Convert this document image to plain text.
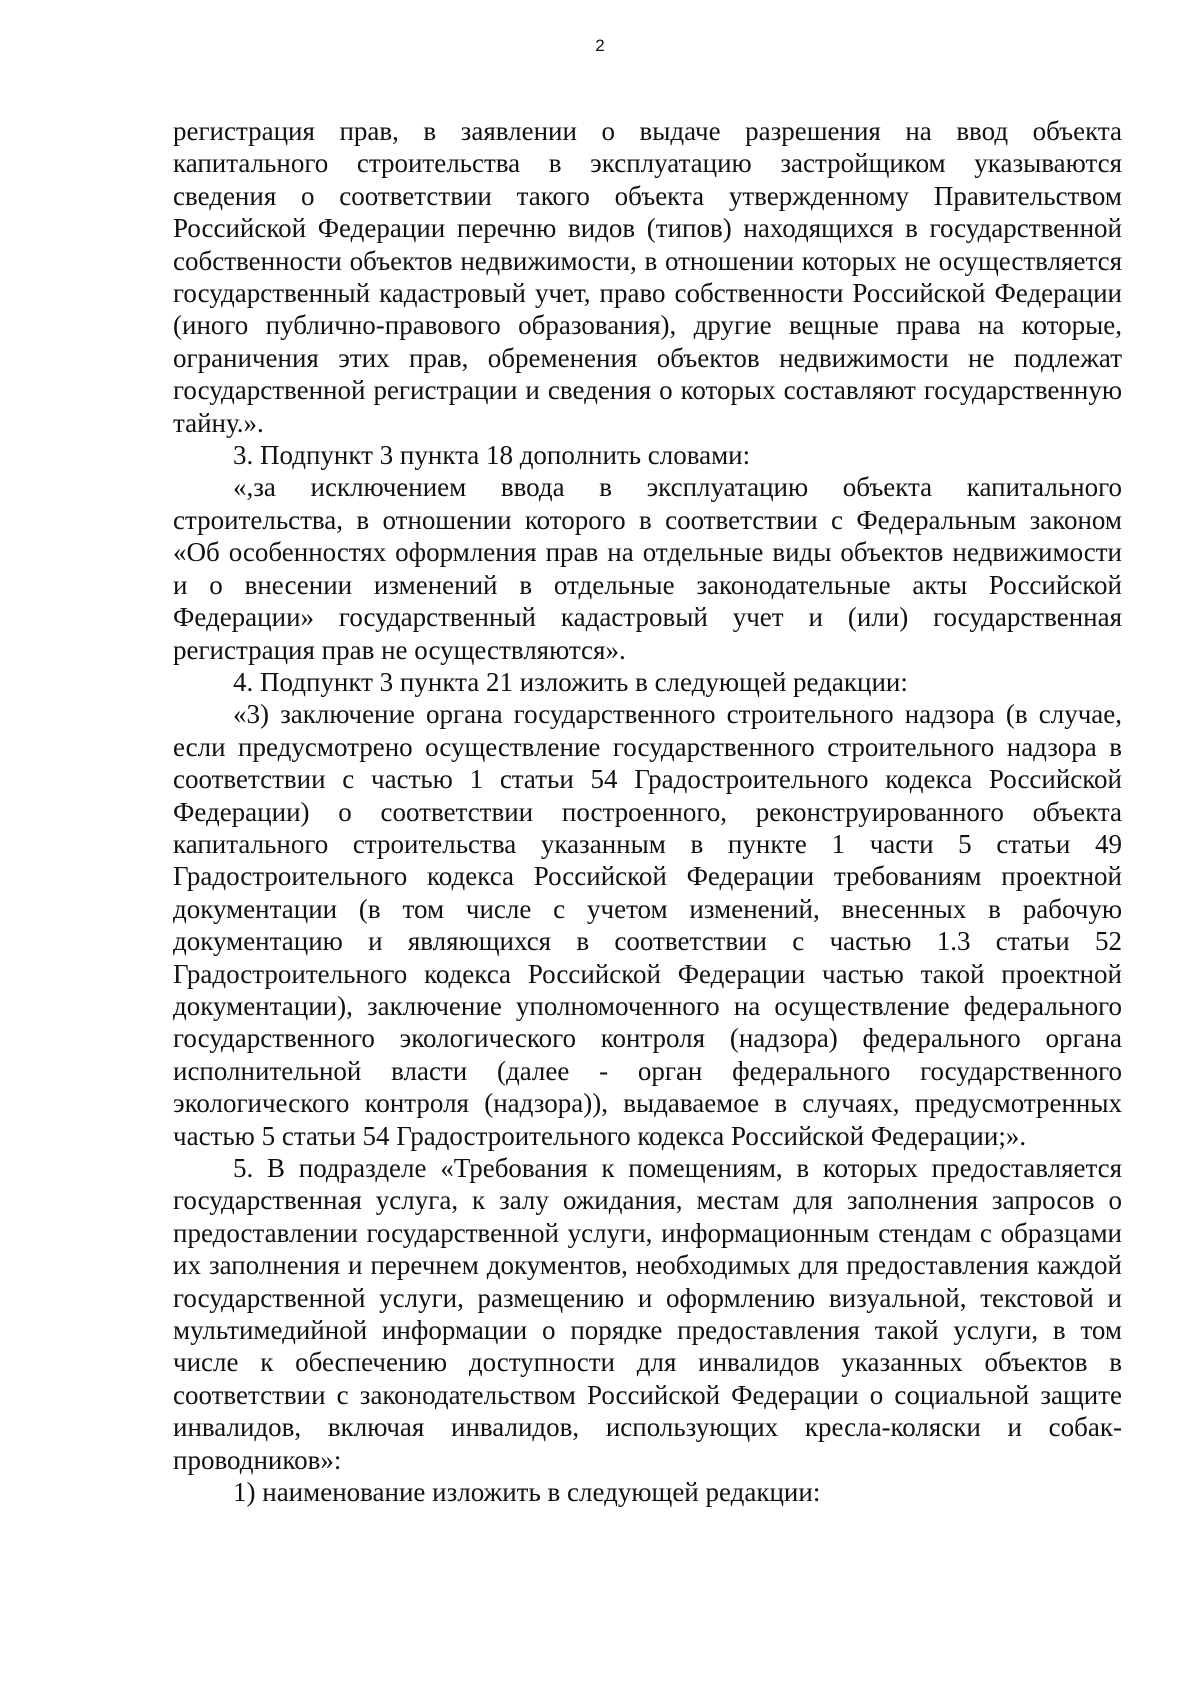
2

регистрация прав, в заявлении о выдаче разрешения на ввод объекта капитального строительства в эксплуатацию застройщиком указываются сведения о соответствии такого объекта утвержденному Правительством Российской Федерации перечню видов (типов) находящихся в государственной собственности объектов недвижимости, в отношении которых не осуществляется государственный кадастровый учет, право собственности Российской Федерации (иного публично-правового образования), другие вещные права на которые, ограничения этих прав, обременения объектов недвижимости не подлежат государственной регистрации и сведения о которых составляют государственную тайну.».

3. Подпункт 3 пункта 18 дополнить словами:

«,за исключением ввода в эксплуатацию объекта капитального строительства, в отношении которого в соответствии с Федеральным законом «Об особенностях оформления прав на отдельные виды объектов недвижимости и о внесении изменений в отдельные законодательные акты Российской Федерации» государственный кадастровый учет и (или) государственная регистрация прав не осуществляются».

4. Подпункт 3 пункта 21 изложить в следующей редакции:

«3) заключение органа государственного строительного надзора (в случае, если предусмотрено осуществление государственного строительного надзора в соответствии с частью 1 статьи 54 Градостроительного кодекса Российской Федерации) о соответствии построенного, реконструированного объекта капитального строительства указанным в пункте 1 части 5 статьи 49 Градостроительного кодекса Российской Федерации требованиям проектной документации (в том числе с учетом изменений, внесенных в рабочую документацию и являющихся в соответствии с частью 1.3 статьи 52 Градостроительного кодекса Российской Федерации частью такой проектной документации), заключение уполномоченного на осуществление федерального государственного экологического контроля (надзора) федерального органа исполнительной власти (далее - орган федерального государственного экологического контроля (надзора)), выдаваемое в случаях, предусмотренных частью 5 статьи 54 Градостроительного кодекса Российской Федерации;».

5. В подразделе «Требования к помещениям, в которых предоставляется государственная услуга, к залу ожидания, местам для заполнения запросов о предоставлении государственной услуги, информационным стендам с образцами их заполнения и перечнем документов, необходимых для предоставления каждой государственной услуги, размещению и оформлению визуальной, текстовой и мультимедийной информации о порядке предоставления такой услуги, в том числе к обеспечению доступности для инвалидов указанных объектов в соответствии с законодательством Российской Федерации о социальной защите инвалидов, включая инвалидов, использующих кресла-коляски и собак-проводников»:

1) наименование изложить в следующей редакции:
